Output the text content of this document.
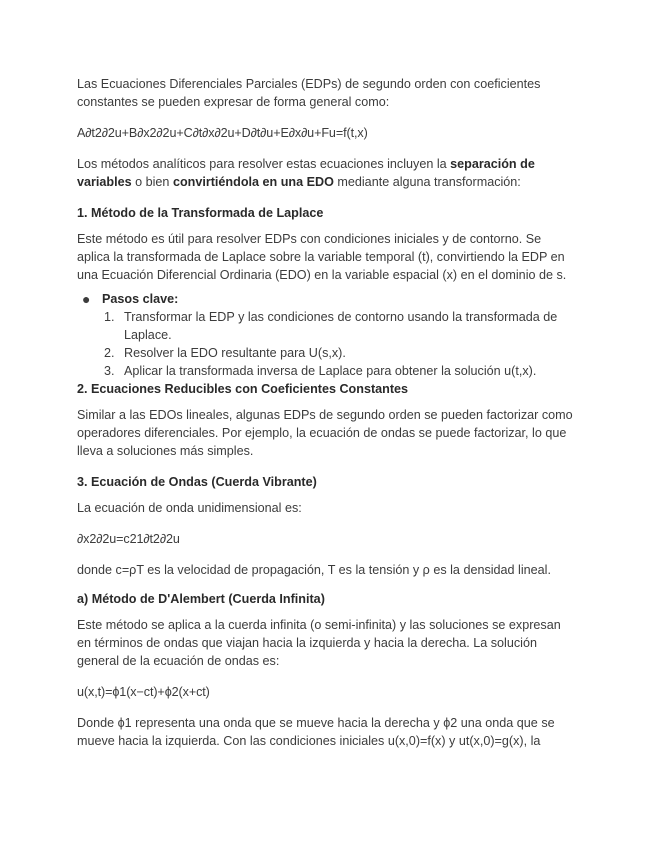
Las Ecuaciones Diferenciales Parciales (EDPs) de segundo orden con coeficientes constantes se pueden expresar de forma general como:

A∂t2∂2u+B∂x2∂2u+C∂t∂x∂2u+D∂t∂u+E∂x∂u+Fu=f(t,x)

Los métodos analíticos para resolver estas ecuaciones incluyen la separación de variables o bien convirtiéndola en una EDO mediante alguna transformación:

1. Método de la Transformada de Laplace

Este método es útil para resolver EDPs con condiciones iniciales y de contorno. Se aplica la transformada de Laplace sobre la variable temporal (t), convirtiendo la EDP en una Ecuación Diferencial Ordinaria (EDO) en la variable espacial (x) en el dominio de s.

● Pasos clave:
1. Transformar la EDP y las condiciones de contorno usando la transformada de Laplace.
2. Resolver la EDO resultante para U(s,x).
3. Aplicar la transformada inversa de Laplace para obtener la solución u(t,x).
2. Ecuaciones Reducibles con Coeficientes Constantes

Similar a las EDOs lineales, algunas EDPs de segundo orden se pueden factorizar como operadores diferenciales. Por ejemplo, la ecuación de ondas se puede factorizar, lo que lleva a soluciones más simples.

3. Ecuación de Ondas (Cuerda Vibrante)

La ecuación de onda unidimensional es:

∂x2∂2u=c21∂t2∂2u

donde c=ρT es la velocidad de propagación, T es la tensión y ρ es la densidad lineal.

a) Método de D'Alembert (Cuerda Infinita)

Este método se aplica a la cuerda infinita (o semi-infinita) y las soluciones se expresan en términos de ondas que viajan hacia la izquierda y hacia la derecha. La solución general de la ecuación de ondas es:

u(x,t)=ϕ1(x−ct)+ϕ2(x+ct)

Donde ϕ1 representa una onda que se mueve hacia la derecha y ϕ2 una onda que se mueve hacia la izquierda. Con las condiciones iniciales u(x,0)=f(x) y ut(x,0)=g(x), la
